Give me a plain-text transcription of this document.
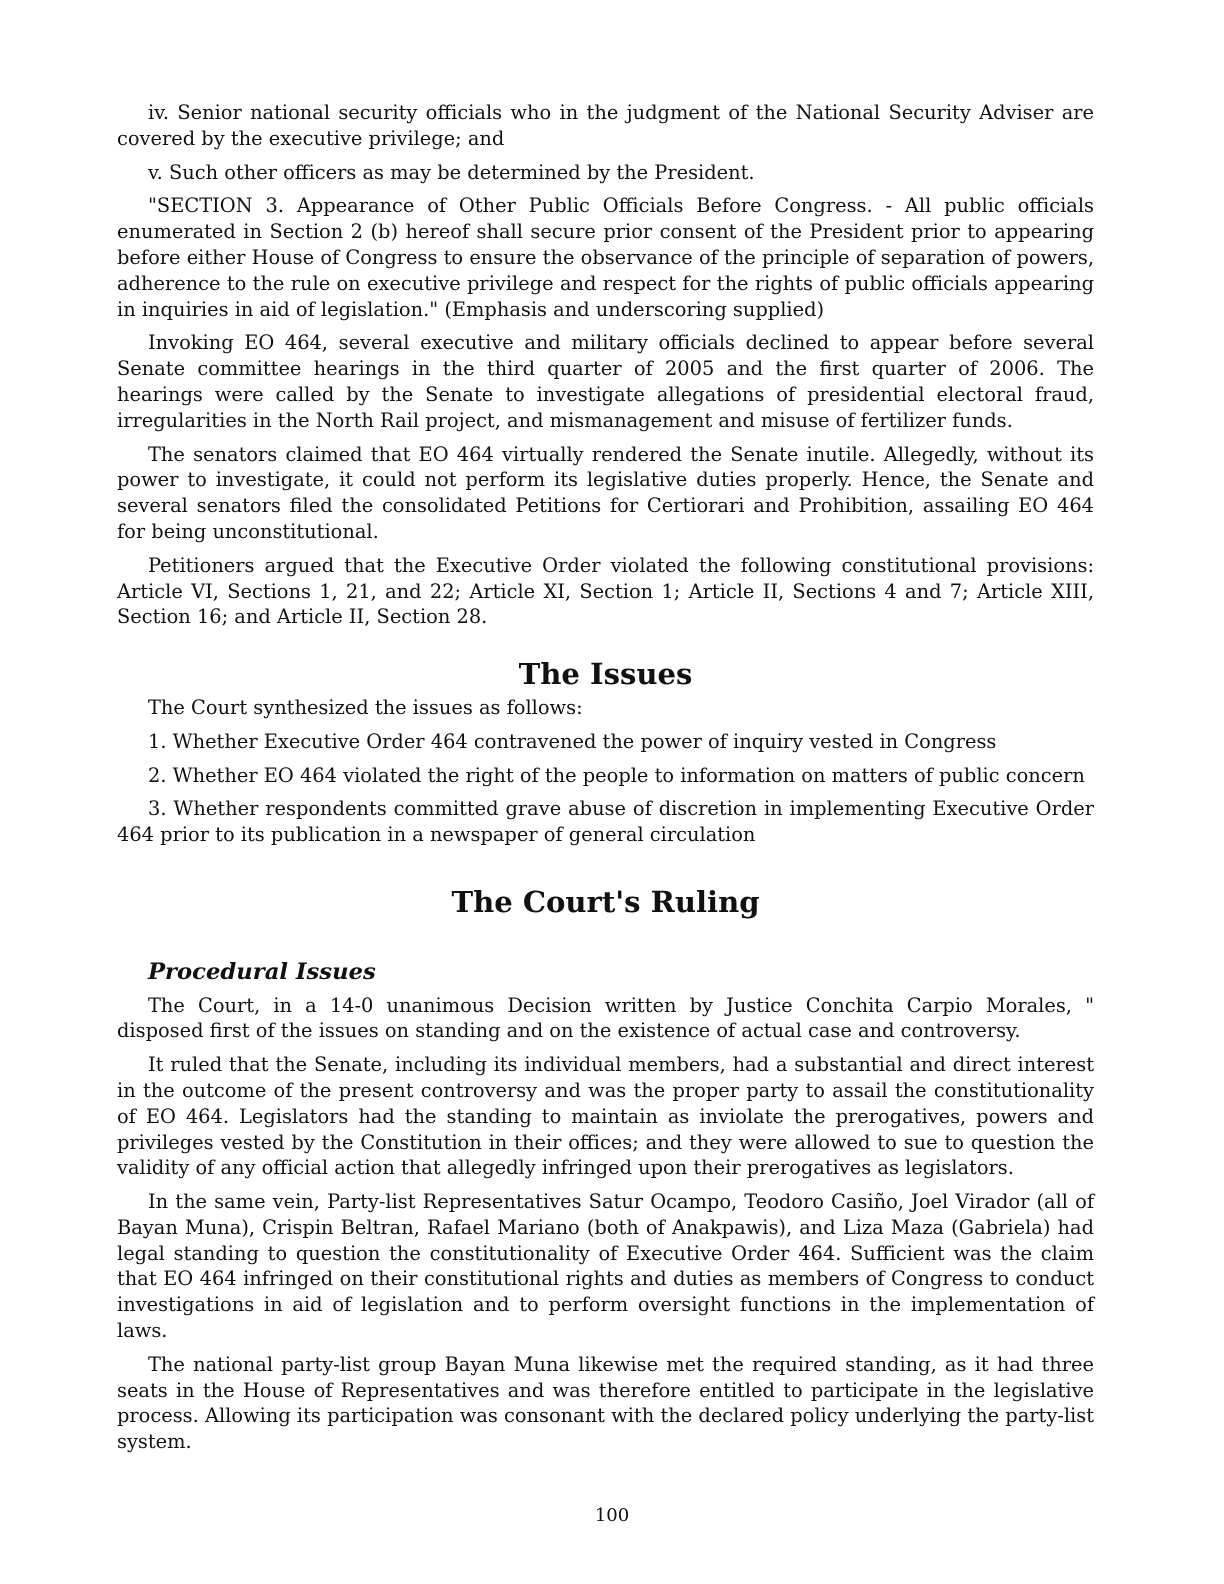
iv. Senior national security officials who in the judgment of the National Security Adviser are covered by the executive privilege; and

v. Such other officers as may be determined by the President.

"SECTION 3. Appearance of Other Public Officials Before Congress. - All public officials enumerated in Section 2 (b) hereof shall secure prior consent of the President prior to appearing before either House of Congress to ensure the observance of the principle of separation of powers, adherence to the rule on executive privilege and respect for the rights of public officials appearing in inquiries in aid of legislation." (Emphasis and underscoring supplied)

Invoking EO 464, several executive and military officials declined to appear before several Senate committee hearings in the third quarter of 2005 and the first quarter of 2006. The hearings were called by the Senate to investigate allegations of presidential electoral fraud, irregularities in the North Rail project, and mismanagement and misuse of fertilizer funds.

The senators claimed that EO 464 virtually rendered the Senate inutile. Allegedly, without its power to investigate, it could not perform its legislative duties properly. Hence, the Senate and several senators filed the consolidated Petitions for Certiorari and Prohibition, assailing EO 464 for being unconstitutional.

Petitioners argued that the Executive Order violated the following constitutional provisions: Article VI, Sections 1, 21, and 22; Article XI, Section 1; Article II, Sections 4 and 7; Article XIII, Section 16; and Article II, Section 28.

The Issues

The Court synthesized the issues as follows:

1. Whether Executive Order 464 contravened the power of inquiry vested in Congress

2. Whether EO 464 violated the right of the people to information on matters of public concern

3. Whether respondents committed grave abuse of discretion in implementing Executive Order 464 prior to its publication in a newspaper of general circulation

The Court's Ruling
Procedural Issues

The Court, in a 14-0 unanimous Decision written by Justice Conchita Carpio Morales, " disposed first of the issues on standing and on the existence of actual case and controversy.

It ruled that the Senate, including its individual members, had a substantial and direct interest in the outcome of the present controversy and was the proper party to assail the constitutionality of EO 464. Legislators had the standing to maintain as inviolate the prerogatives, powers and privileges vested by the Constitution in their offices; and they were allowed to sue to question the validity of any official action that allegedly infringed upon their prerogatives as legislators.

In the same vein, Party-list Representatives Satur Ocampo, Teodoro Casiño, Joel Virador (all of Bayan Muna), Crispin Beltran, Rafael Mariano (both of Anakpawis), and Liza Maza (Gabriela) had legal standing to question the constitutionality of Executive Order 464. Sufficient was the claim that EO 464 infringed on their constitutional rights and duties as members of Congress to conduct investigations in aid of legislation and to perform oversight functions in the implementation of laws.

The national party-list group Bayan Muna likewise met the required standing, as it had three seats in the House of Representatives and was therefore entitled to participate in the legislative process. Allowing its participation was consonant with the declared policy underlying the party-list system.

100
